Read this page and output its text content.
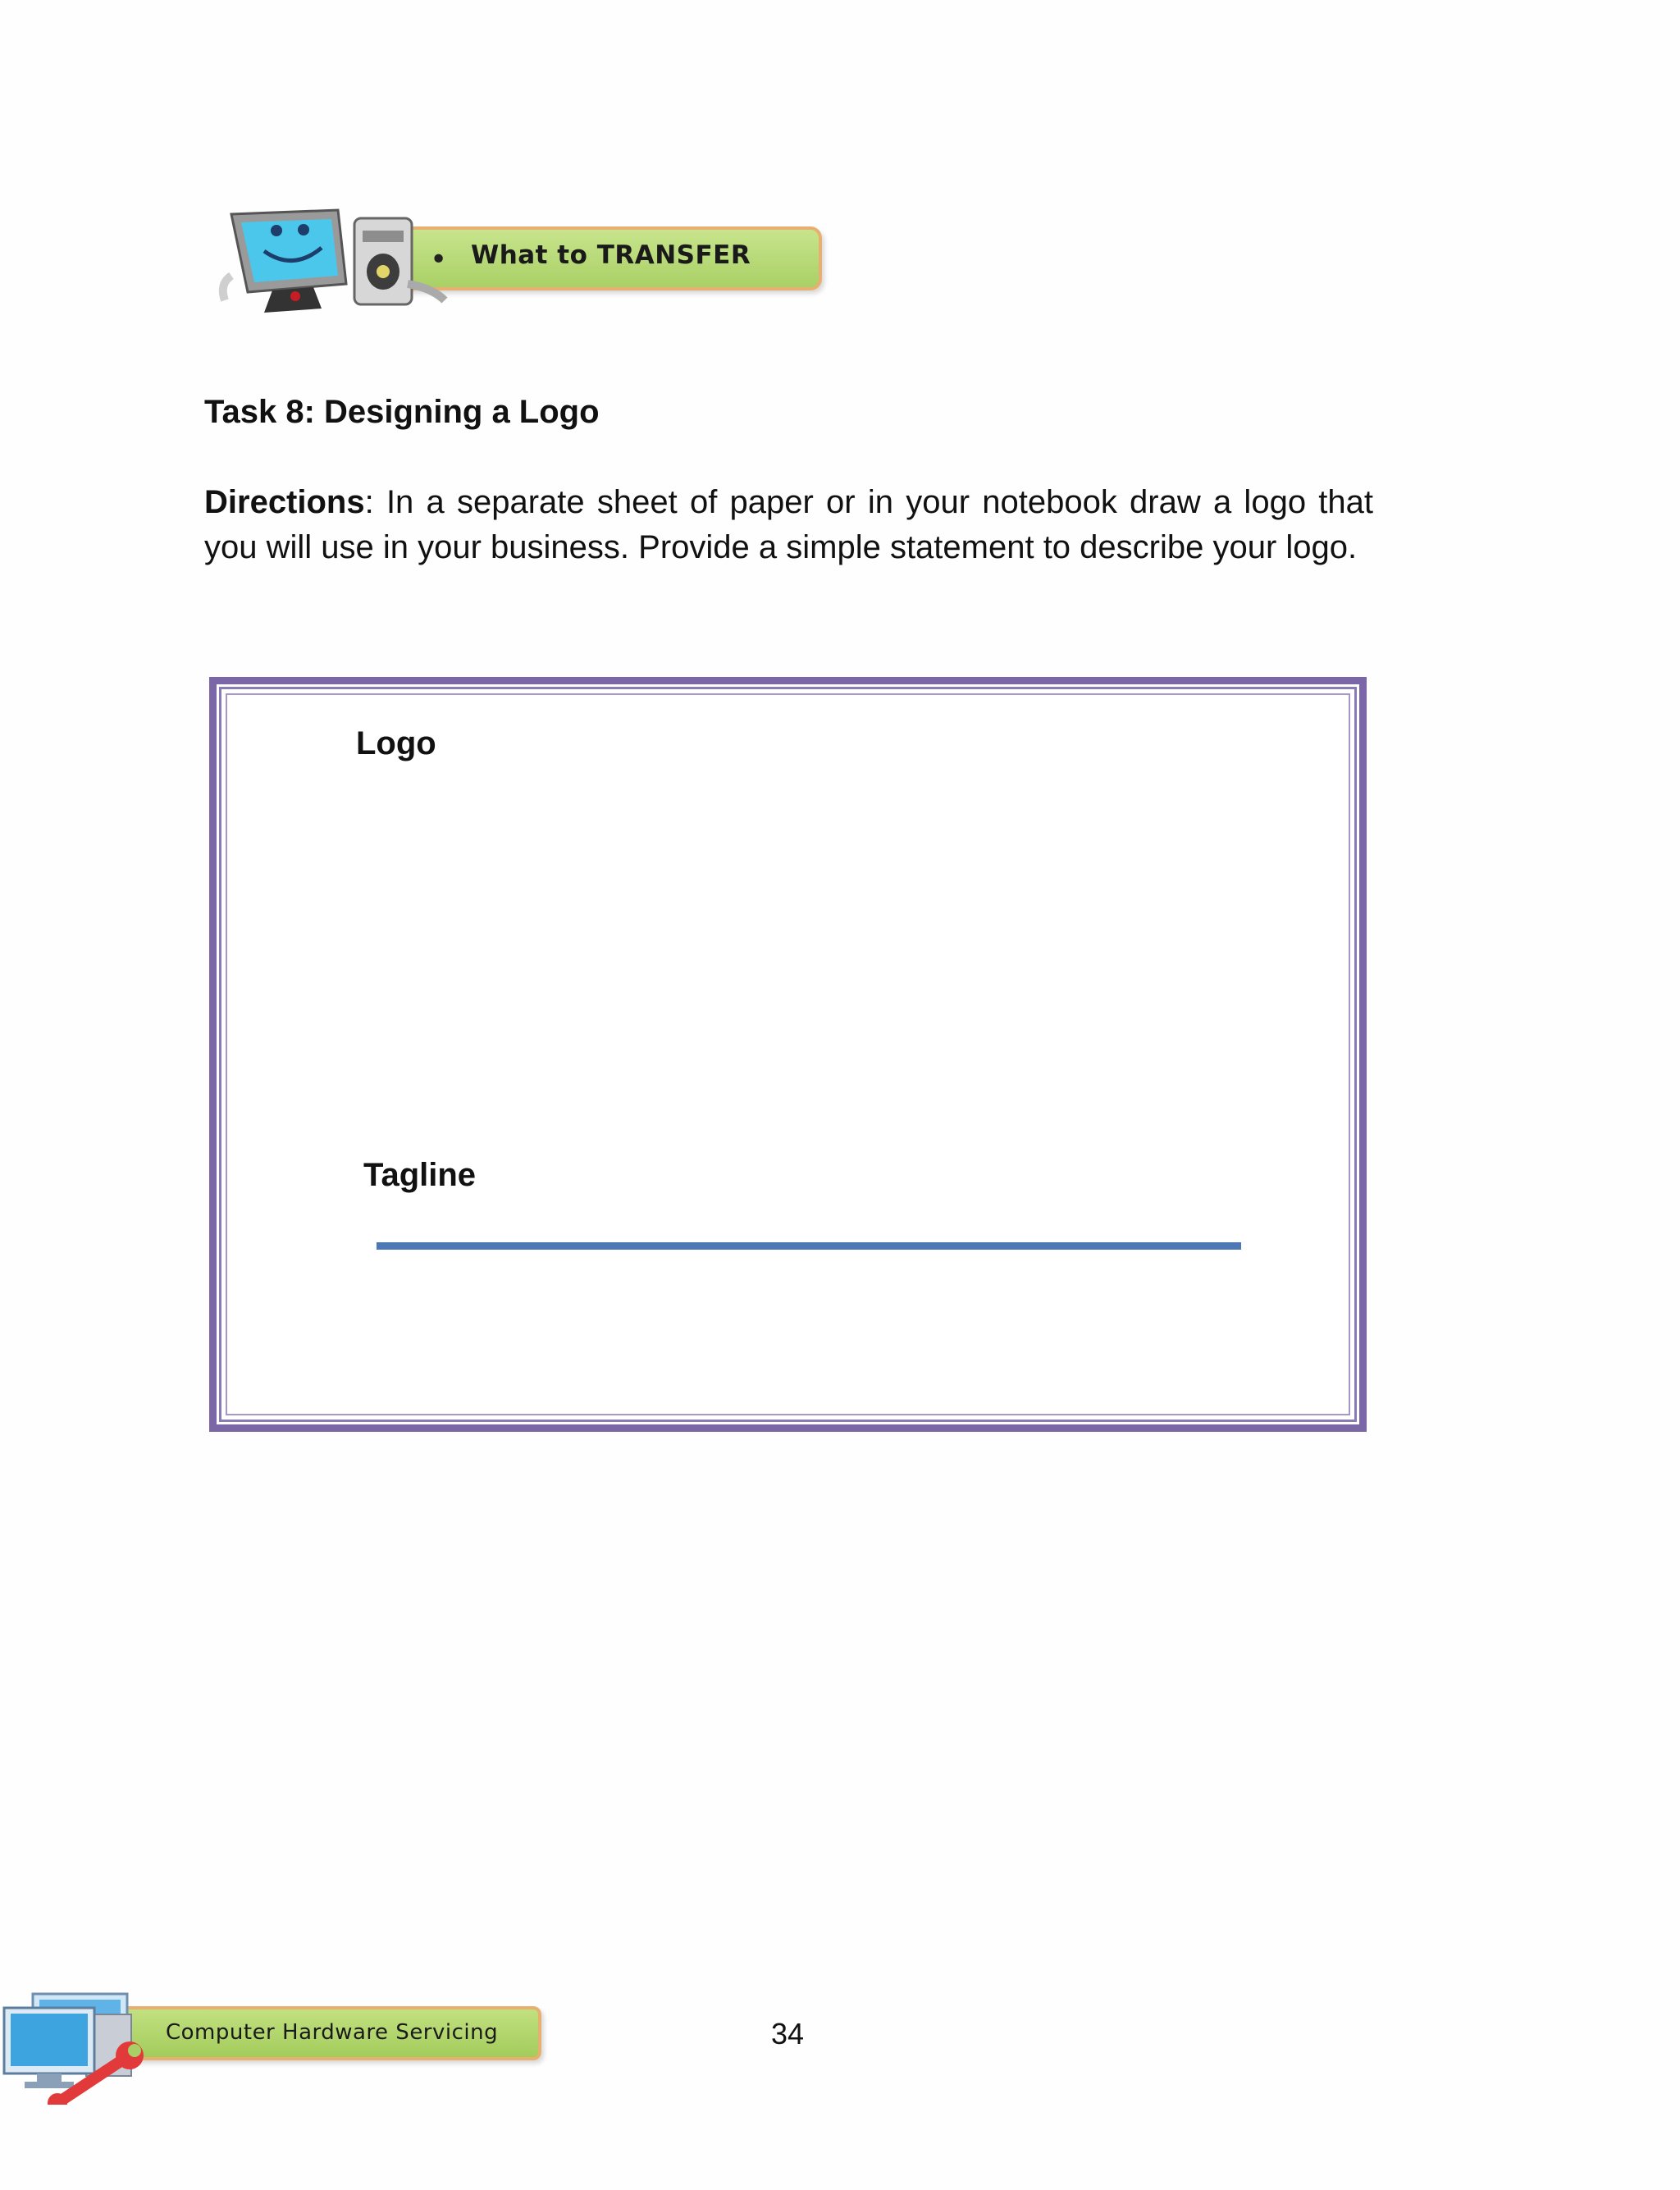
• What to TRANSFER
Task 8: Designing a Logo
Directions: In a separate sheet of paper or in your notebook draw a logo that you will use in your business. Provide a simple statement to describe your logo.
Logo
Tagline
Computer Hardware Servicing	34
